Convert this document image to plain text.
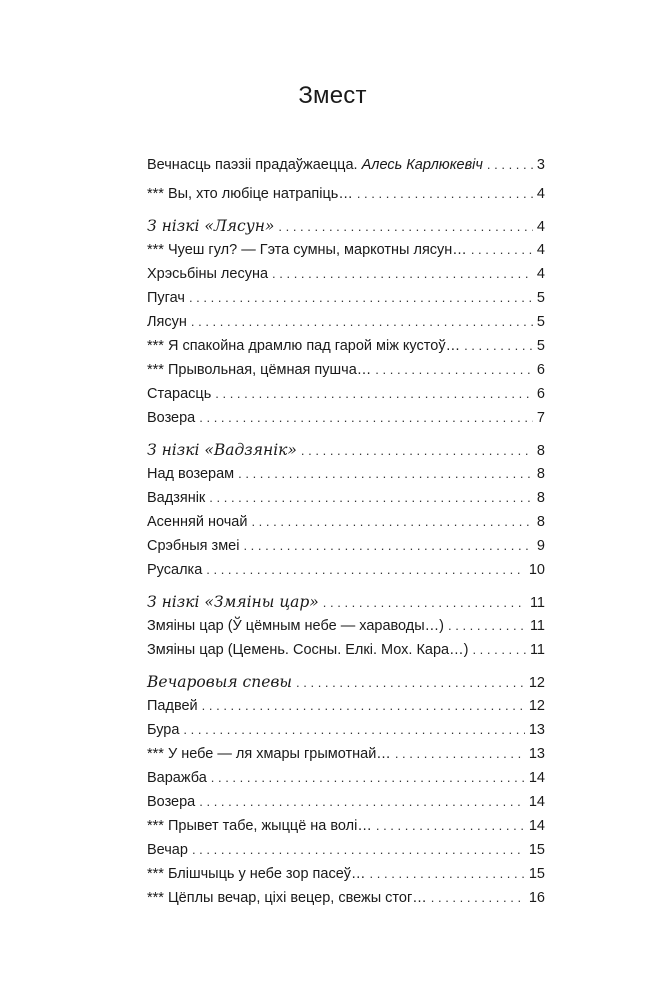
Змест
Вечнасць паэзіі прадаўжаецца. Алесь Карлюкевіч . . .	3
*** Вы, хто любіце натрапіць… . . .	4
З нізкі «Лясун» . . .	4
*** Чуеш гул? — Гэта сумны, маркотны лясун… . . .	4
Хрэсьбіны лесуна . . .	4
Пугач . . .	5
Лясун . . .	5
*** Я спакойна драмлю пад гарой між кустоў… . . .	5
*** Прывольная, цёмная пушча… . . .	6
Старасць . . .	6
Возера . . .	7
З нізкі «Вадзянік» . . .	8
Над возерам . . .	8
Вадзянік . . .	8
Асенняй ночай . . .	8
Срэбныя змеі . . .	9
Русалка . . .	10
З нізкі «Змяіны цар» . . .	11
Змяіны цар (Ў цёмным небе — хараводы…) . . .	11
Змяіны цар (Цемень. Сосны. Елкі. Мох. Кара…) . . .	11
Вечаровыя спевы . . .	12
Падвей . . .	12
Бура . . .	13
*** У небе — ля хмары грымотнай… . . .	13
Варажба . . .	14
Возера . . .	14
*** Прывет табе, жыццё на волі… . . .	14
Вечар . . .	15
*** Блішчыць у небе зор пасеў… . . .	15
*** Цёплы вечар, ціхі вецер, свежы стог… . . .	16
